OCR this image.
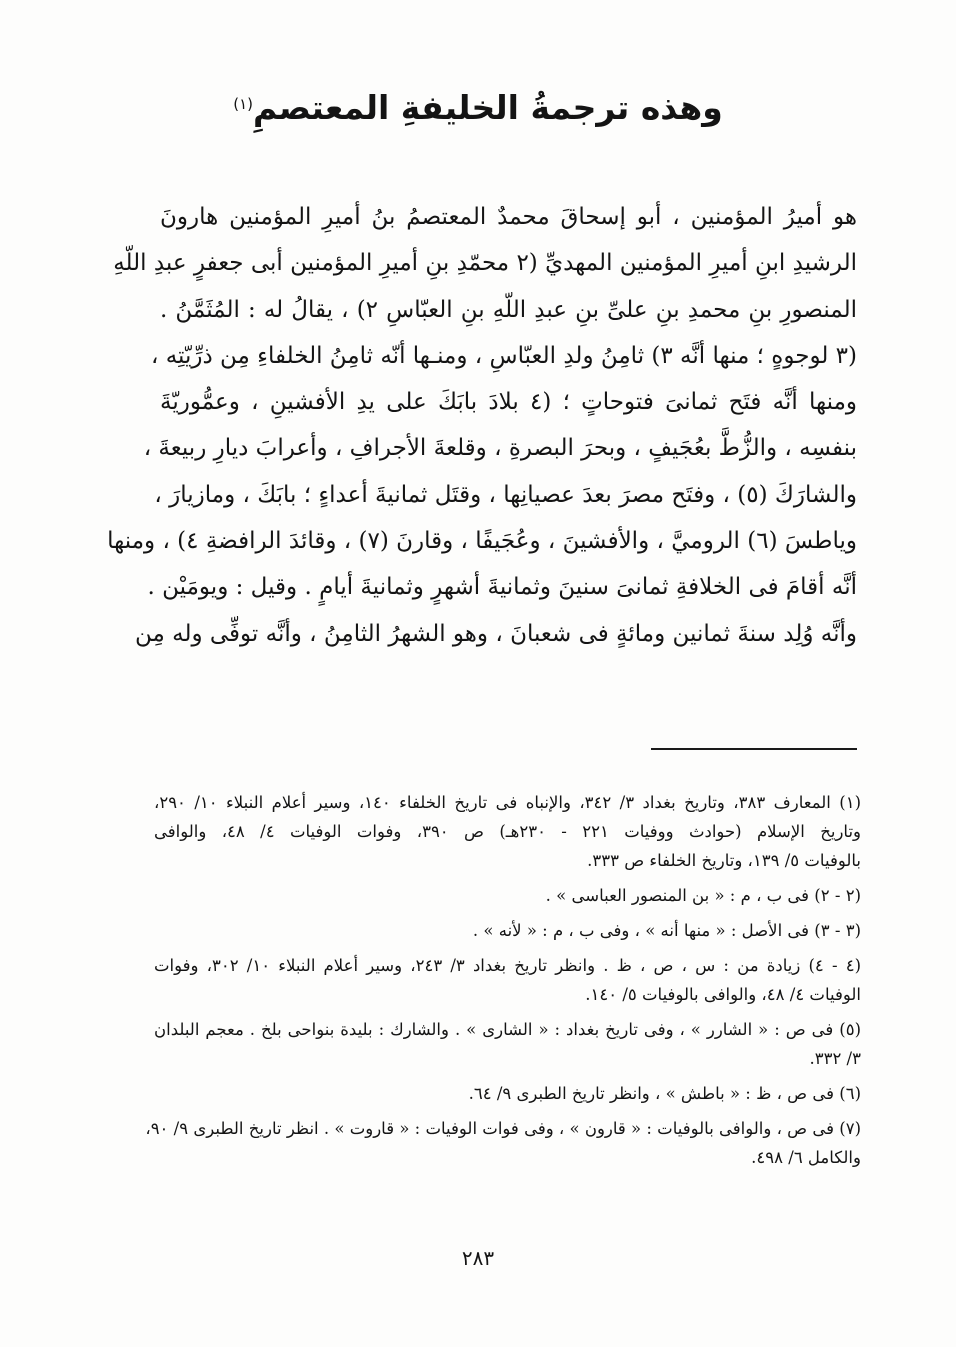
وهذه ترجمةُ الخليفةِ المعتصمِ$^{(١)}$
هو أميرُ المؤمنين ، أبو إسحاقَ محمدٌ المعتصمُ بنُ أميرِ المؤمنين هارونَ
الرشيدِ ابنِ أميرِ المؤمنين المهديِّ (٢ محمّدِ بنِ أميرِ المؤمنين أبى جعفرٍ عبدِ اللّهِ
المنصورِ بنِ محمدِ بنِ علىِّ بنِ عبدِ اللّهِ بنِ العبّاسِ ٢) ، يقالُ له : المُثَمَّنُ .
(٣ لوجوهٍ ؛ منها أنَّه ٣) ثامِنُ ولدِ العبّاسِ ، ومنـها أنّه ثامِنُ الخلفاءِ مِن ذرِّيّتِه ،
ومنها أنَّه فتَح ثمانىَ فتوحاتٍ ؛ (٤ بلادَ بابَكَ على يدِ الأفشينِ ، وعمُّوريّةَ
بنفسِه ، والزُّطَّ بعُجَيفٍ ، وبحرَ البصرةِ ، وقلعةَ الأجرافِ ، وأعرابَ ديارِ ربيعةَ ،
والشارَكَ (٥) ، وفتَح مصرَ بعدَ عصيانِها ، وقتَل ثمانيةَ أعداءٍ ؛ بابَكَ ، ومازيارَ ،
وياطسَ (٦) الروميَّ ، والأفشينَ ، وعُجَيفًا ، وقارنَ (٧) ، وقائدَ الرافضةِ ٤) ، ومنها
أنَّه أقامَ فى الخلافةِ ثمانىَ سنينَ وثمانيةَ أشهرٍ وثمانيةَ أيامٍ . وقيل : ويومَيْن .
وأنَّه وُلِد سنةَ ثمانين ومائةٍ فى شعبانَ ، وهو الشهرُ الثامِنُ ، وأنَّه توفِّى وله مِن
(١) المعارف ٣٨٣، وتاريخ بغداد ٣/ ٣٤٢، والإنباه فى تاريخ الخلفاء ١٤٠، وسير أعلام النبلاء ١٠/ ٢٩٠،
وتاريخ الإسلام (حوادث ووفيات ٢٢١ - ٢٣٠هـ) ص ٣٩٠، وفوات الوفيات ٤/ ٤٨، والوافى
بالوفيات ٥/ ١٣٩، وتاريخ الخلفاء ص ٣٣٣.
(٢ - ٢) فى ب ، م : « بن المنصور العباسى » .
(٣ - ٣) فى الأصل : « منها أنه » ، وفى ب ، م : « لأنه » .
(٤ - ٤) زيادة من : س ، ص ، ظ . وانظر تاريخ بغداد ٣/ ٢٤٣، وسير أعلام النبلاء ١٠/ ٣٠٢، وفوات
الوفيات ٤/ ٤٨، والوافى بالوفيات ٥/ ١٤٠.
(٥) فى ص : « الشارر » ، وفى تاريخ بغداد : « الشارى » . والشارك : بليدة بنواحى بلخ . معجم البلدان
٣/ ٣٣٢.
(٦) فى ص ، ظ : « باطش » ، وانظر تاريخ الطبرى ٩/ ٦٤.
(٧) فى ص ، والوافى بالوفيات : « قارون » ، وفى فوات الوفيات : « قاروت » . انظر تاريخ الطبرى ٩/ ٩٠،
والكامل ٦/ ٤٩٨.
٢٨٣
